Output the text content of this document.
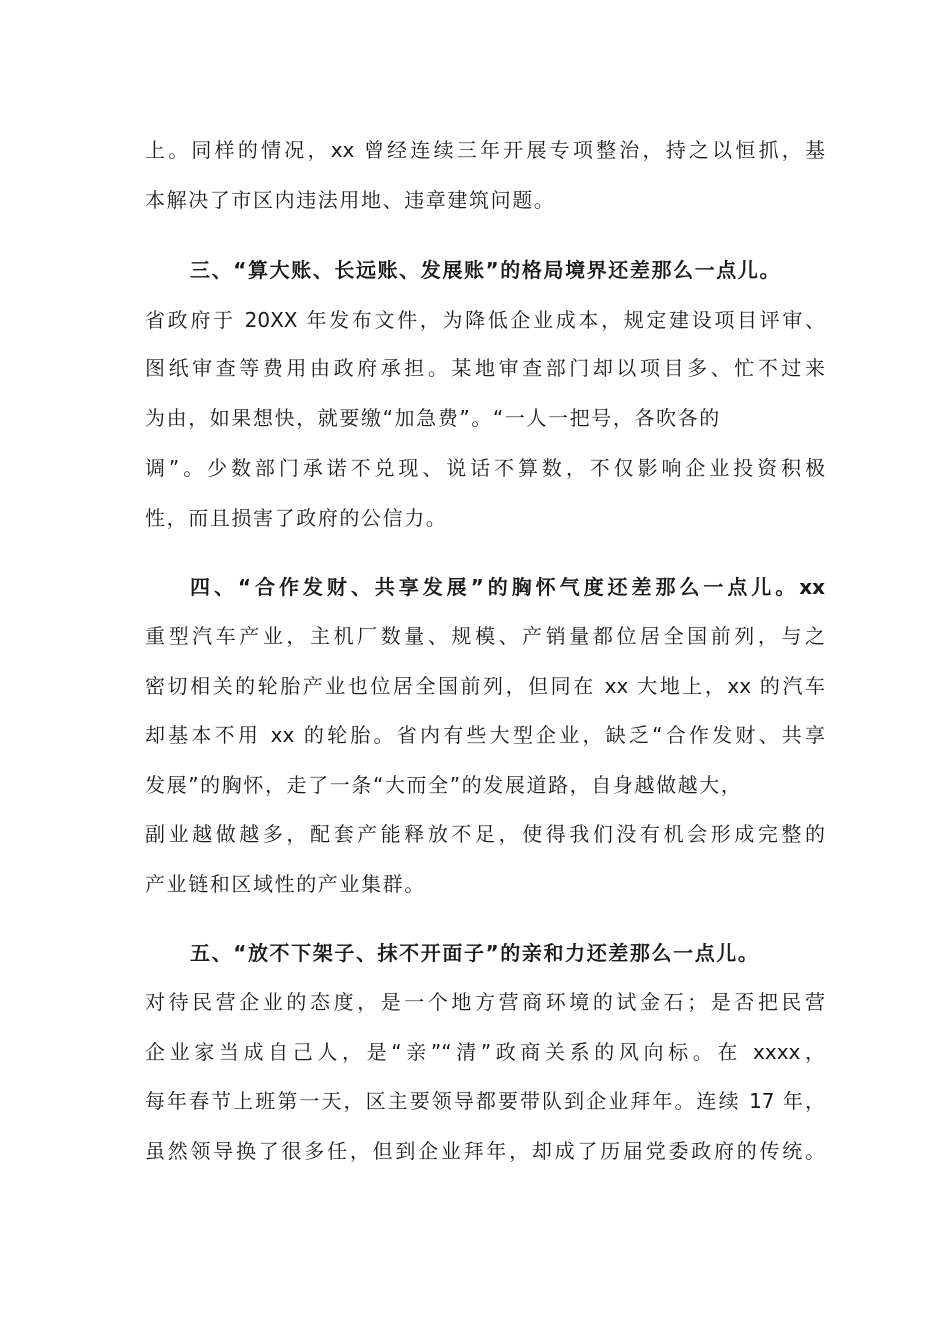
上。同样的情况，xx 曾经连续三年开展专项整治，持之以恒抓，基
本解决了市区内违法用地、违章建筑问题。
三、“算大账、长远账、发展账”的格局境界还差那么一点儿。
省政府于 20XX 年发布文件，为降低企业成本，规定建设项目评审、
图纸审查等费用由政府承担。某地审查部门却以项目多、忙不过来
为由，如果想快，就要缴“加急费”。“一人一把号，各吹各的
调”。少数部门承诺不兑现、说话不算数，不仅影响企业投资积极
性，而且损害了政府的公信力。
四、“合作发财、共享发展”的胸怀气度还差那么一点儿。xx
重型汽车产业，主机厂数量、规模、产销量都位居全国前列，与之
密切相关的轮胎产业也位居全国前列，但同在 xx 大地上，xx 的汽车
却基本不用 xx 的轮胎。省内有些大型企业，缺乏“合作发财、共享
发展”的胸怀，走了一条“大而全”的发展道路，自身越做越大，
副业越做越多，配套产能释放不足，使得我们没有机会形成完整的
产业链和区域性的产业集群。
五、“放不下架子、抹不开面子”的亲和力还差那么一点儿。
对待民营企业的态度，是一个地方营商环境的试金石；是否把民营
企业家当成自己人，是“亲”“清”政商关系的风向标。在 xxxx，
每年春节上班第一天，区主要领导都要带队到企业拜年。连续 17 年，
虽然领导换了很多任，但到企业拜年，却成了历届党委政府的传统。
